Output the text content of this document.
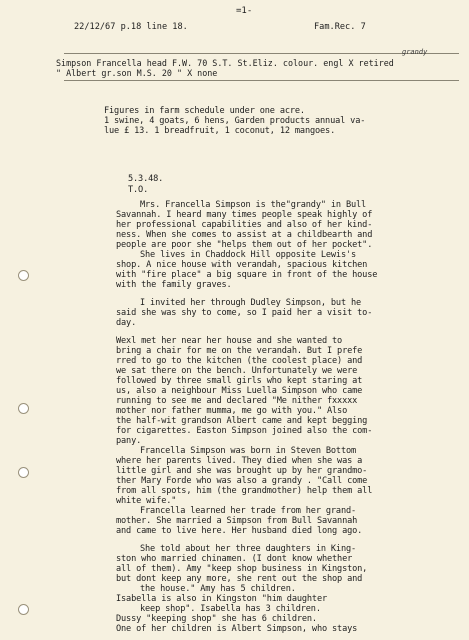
=1-
22/12/67 p.18 line 18.	Fam.Rec. 7
grandy
Simpson Francella head F.W. 70 S.T. St.Eliz. colour. engl X retired
" Albert gr.son M.S. 20 " X none
Figures in farm schedule under one acre.
1 swine, 4 goats, 6 hens, Garden products annual va-
lue £ 13. 1 breadfruit, 1 coconut, 12 mangoes.
5.3.48.
T.O.
Mrs. Francella Simpson is the"grandy" in Bull
Savannah. I heard many times people speak highly of
her professional capabilities and also of her kind-
ness. When she comes to assist at a childbearth and
people are poor she "helps them out of her pocket".
She lives in Chaddock Hill opposite Lewis's
shop. A nice house with verandah, spacious kitchen
with "fire place" a big square in front of the house
with the family graves.
I invited her through Dudley Simpson, but he
said she was shy to come, so I paid her a visit to-
day.
Wexl met her near her house and she wanted to
bring a chair for me on the verandah. But I prefe
rred to go to the kitchen (the coolest place) and
we sat there on the bench. Unfortunately we were
followed by three small girls who kept staring at
us, also a neighbour Miss Luella Simpson who came
running to see me and declared "Me nither fxxxxx
mother nor father mumma, me go with you." Also
the half-wit grandson Albert came and kept begging
for cigarettes. Easton Simpson joined also the com-
pany.
Francella Simpson was born in Steven Bottom
where her parents lived. They died when she was a
little girl and she was brought up by her grandmo-
ther Mary Forde who was also a grandy . "Call come
from all spots, him (the grandmother) help them all
white wife."
Francella learned her trade from her grand-
mother. She married a Simpson from Bull Savannah
and came to live here. Her husband died long ago.
She told about her three daughters in King-
ston who married chinamen. (I dont know whether
all of them). Amy "keep shop business in Kingston,
but dont keep any more, she rent out the shop and
the house." Amy has 5 children.
Isabella is also in Kingston "him daughter
keep shop". Isabella has 3 children.
Dussy "keeping shop" she has 6 children.
One of her children is Albert Simpson, who stays
